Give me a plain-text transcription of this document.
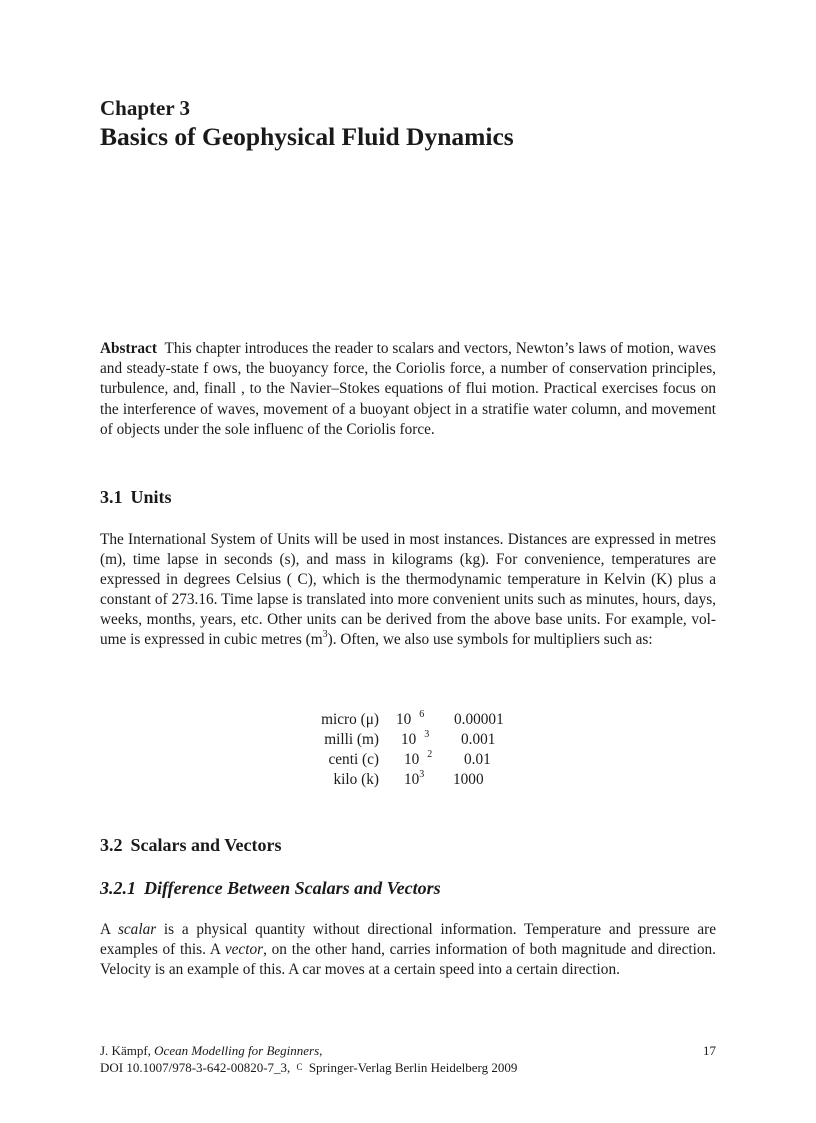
Chapter 3
Basics of Geophysical Fluid Dynamics
Abstract This chapter introduces the reader to scalars and vectors, Newton’s laws of motion, waves and steady-state f ows, the buoyancy force, the Coriolis force, a number of conservation principles, turbulence, and, finall , to the Navier–Stokes equations of flui motion. Practical exercises focus on the interference of waves, movement of a buoyant object in a stratifie water column, and movement of objects under the sole influenc of the Coriolis force.
3.1 Units
The International System of Units will be used in most instances. Distances are expressed in metres (m), time lapse in seconds (s), and mass in kilograms (kg). For convenience, temperatures are expressed in degrees Celsius ( C), which is the thermodynamic temperature in Kelvin (K) plus a constant of 273.16. Time lapse is translated into more convenient units such as minutes, hours, days, weeks, months, years, etc. Other units can be derived from the above base units. For example, vol-ume is expressed in cubic metres $(m^3)$. Often, we also use symbols for multipliers such as:
micro (μ) 10 $^6$ 0.00001
milli (m) 10 $^3$ 0.001
centi (c) 10 $^2$ 0.01
kilo (k) $10^3$ 1000
3.2 Scalars and Vectors
3.2.1 Difference Between Scalars and Vectors
A scalar is a physical quantity without directional information. Temperature and pressure are examples of this. A vector, on the other hand, carries information of both magnitude and direction. Velocity is an example of this. A car moves at a certain speed into a certain direction.
J. Kämpf, Ocean Modelling for Beginners,
DOI 10.1007/978-3-642-00820-7_3, C Springer-Verlag Berlin Heidelberg 2009
17
